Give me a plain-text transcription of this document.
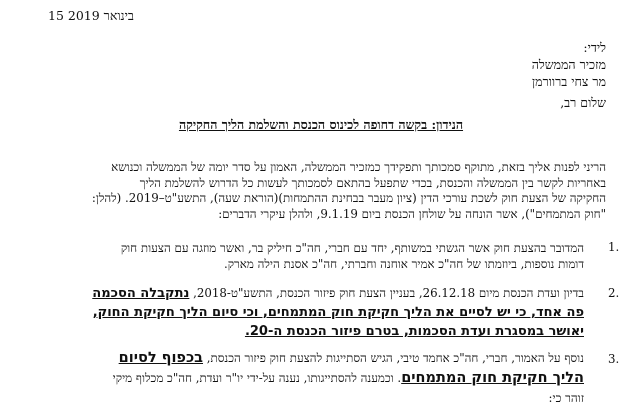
15 בינואר 2019
לידי:
מזכיר הממשלה
מר צחי ברוורמן
שלום רב,
הנידון: בקשה דחופה לכינוס הכנסת והשלמת הליך החקיקה
הריני לפנות אליך בזאת, מתוקף סמכותך ותפקידך כמזכיר הממשלה, האמון על סדר יומה של הממשלה וכנושא
באחריות לקשר בין הממשלה והכנסת, בכדי שתפעל בהתאם לסמכותך לעשות כל הדרוש להשלמת הליך
החקיקה של הצעת חוק לשכת עורכי הדין (ציון מעבר בבחינת ההתמחות)(הוראת שעה), התשע"ט–2019. (להלן:
"חוק המתמחים"), אשר הונחה על שולחן הכנסת ביום 9.1.19, ולהלן עיקרי הדברים:
1.
המדובר בהצעת חוק אשר הגשתי במשותף, יחד עם חברי, חה"כ חיליק בר, ואשר מוזגה עם הצעות חוק
דומות נוספות, ביוזמתו של חה"כ אמיר אוחנה וחברתי, חה"כ אסנת הילה מארק.
2.
בדיון ועדת הכנסת מיום 26.12.18, בעניין הצעת חוק פיזור הכנסת, התשע"ט-2018, נתקבלה הסכמה
פה אחד, כי יש לסיים את הליך חקיקת חוק המתמחים, וכי סיום הליך חקיקת החוק,
יאושר במסגרת ועדת הסכמות, בטרם פיזור הכנסת ה-20.
3.
נוסף על האמור, חברי, חה"כ אחמד טיבי, הגיש הסתייגות להצעת חוק פיזור הכנסת, בכפוף לסיום
הליך חקיקת חוק המתמחים. וכמענה להסתייגותו, נענה על-ידי יו"ר ועדת, חה"כ מכלוף מיקי
זוהר כי:
